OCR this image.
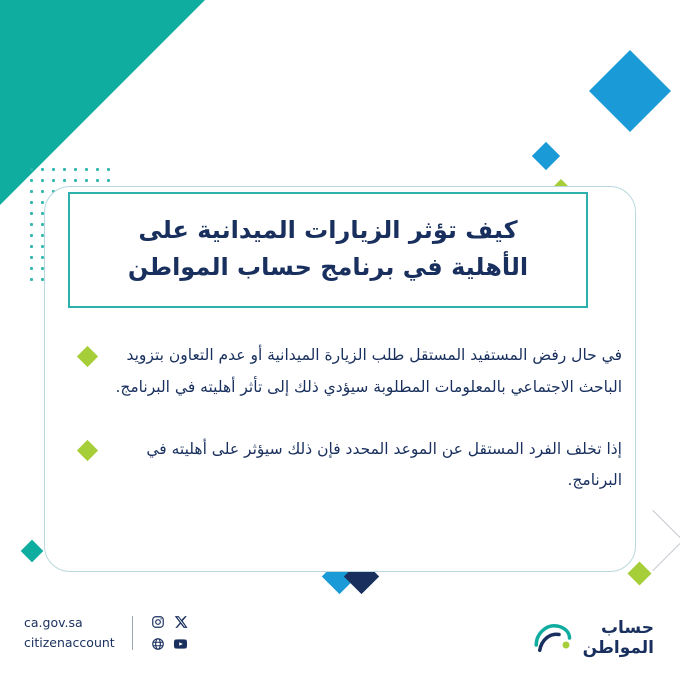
كيف تؤثر الزيارات الميدانية على الأهلية في برنامج حساب المواطن
في حال رفض المستفيد المستقل طلب الزيارة الميدانية أو عدم التعاون بتزويد الباحث الاجتماعي بالمعلومات المطلوبة سيؤدي ذلك إلى تأثر أهليته في البرنامج.
إذا تخلف الفرد المستقل عن الموعد المحدد فإن ذلك سيؤثر على أهليته في البرنامج.
ca.gov.sa
citizenaccount
حساب
المواطن
